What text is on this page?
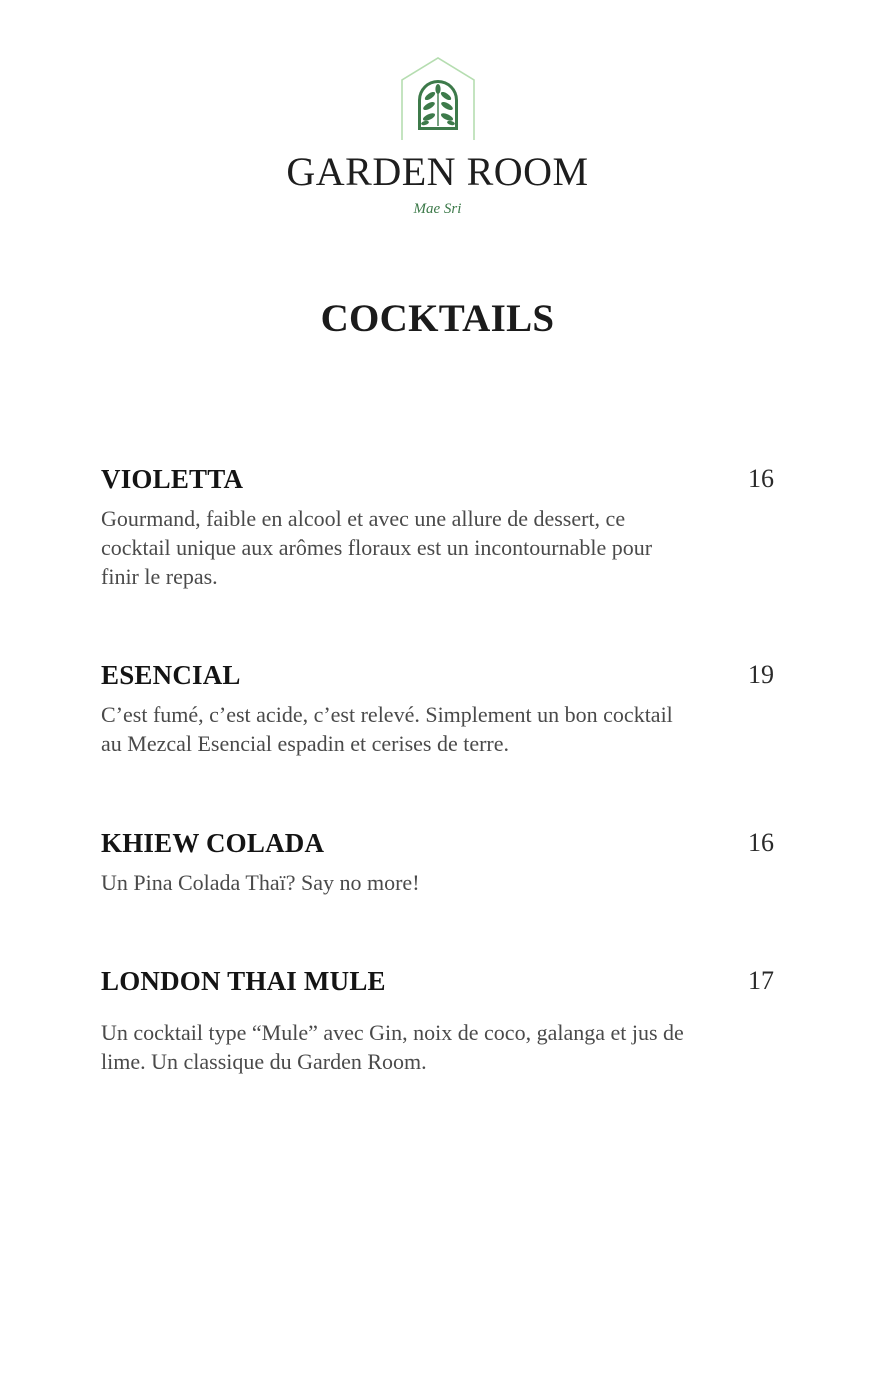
GARDEN ROOM
Mae Sri
COCKTAILS
VIOLETTA	16
Gourmand, faible en alcool et avec une allure de dessert, ce cocktail unique aux arômes floraux est un incontournable pour finir le repas.
ESENCIAL	19
C’est fumé, c’est acide, c’est relevé. Simplement un bon cocktail au Mezcal Esencial espadin et cerises de terre.
KHIEW COLADA	16
Un Pina Colada Thaï? Say no more!
LONDON THAI MULE	17
Un cocktail type “Mule” avec Gin, noix de coco, galanga et jus de lime. Un classique du Garden Room.
